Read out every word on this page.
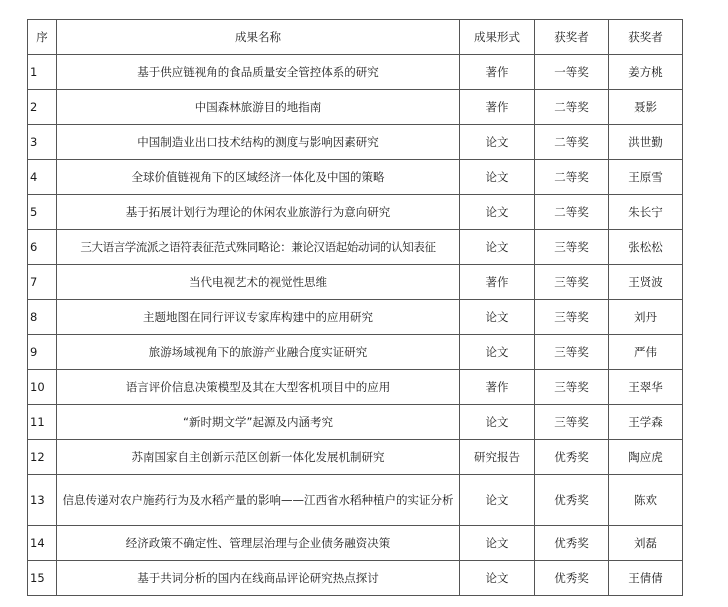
序	成果名称	成果形式	获奖者	获奖者
1	基于供应链视角的食品质量安全管控体系的研究	著作	一等奖	姜方桃
2	中国森林旅游目的地指南	著作	二等奖	聂影
3	中国制造业出口技术结构的测度与影响因素研究	论文	二等奖	洪世勤
4	全球价值链视角下的区域经济一体化及中国的策略	论文	二等奖	王原雪
5	基于拓展计划行为理论的休闲农业旅游行为意向研究	论文	二等奖	朱长宁
6	三大语言学流派之语符表征范式殊同略论：兼论汉语起始动词的认知表征	论文	三等奖	张松松
7	当代电视艺术的视觉性思维	著作	三等奖	王贤波
8	主题地图在同行评议专家库构建中的应用研究	论文	三等奖	刘丹
9	旅游场域视角下的旅游产业融合度实证研究	论文	三等奖	严伟
10	语言评价信息决策模型及其在大型客机项目中的应用	著作	三等奖	王翠华
11	“新时期文学”起源及内涵考究	论文	三等奖	王学森
12	苏南国家自主创新示范区创新一体化发展机制研究	研究报告	优秀奖	陶应虎
13	信息传递对农户施药行为及水稻产量的影响——江西省水稻种植户的实证分析	论文	优秀奖	陈欢
14	经济政策不确定性、管理层治理与企业债务融资决策	论文	优秀奖	刘磊
15	基于共词分析的国内在线商品评论研究热点探讨	论文	优秀奖	王倩倩
